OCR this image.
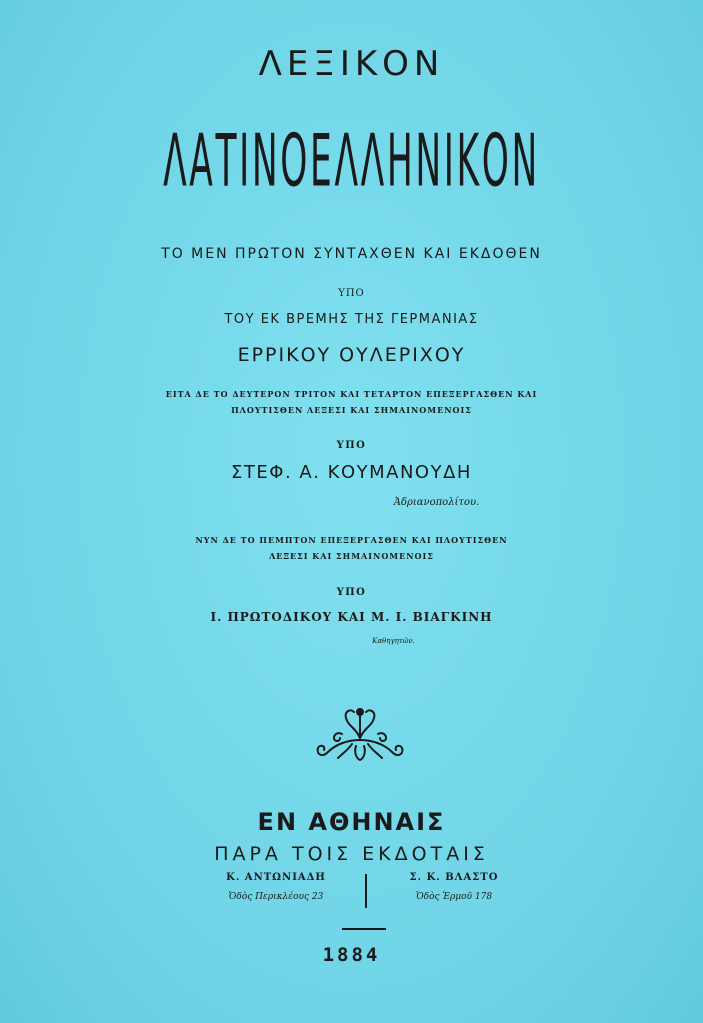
ΛΕΞΙΚΟΝ
ΛΑΤΙΝΟΕΛΛΗΝΙΚΟΝ
ΤΟ ΜΕΝ ΠΡΩΤΟΝ ΣΥΝΤΑΧΘΕΝ ΚΑΙ ΕΚΔΟΘΕΝ
ΥΠΟ
ΤΟΥ ΕΚ ΒΡΕΜΗΣ ΤΗΣ ΓΕΡΜΑΝΙΑΣ
ΕΡΡΙΚΟΥ ΟΥΛΕΡΙΧΟΥ
ΕΙΤΑ ΔΕ ΤΟ ΔΕΥΤΕΡΟΝ ΤΡΙΤΟΝ ΚΑΙ ΤΕΤΑΡΤΟΝ ΕΠΕΞΕΡΓΑΣΘΕΝ ΚΑΙ
ΠΛΟΥΤΙΣΘΕΝ ΛΕΞΕΣΙ ΚΑΙ ΣΗΜΑΙΝΟΜΕΝΟΙΣ
ΥΠΟ
ΣΤΕΦ. Α. ΚΟΥΜΑΝΟΥΔΗ
Ἀδριανοπολίτου.
ΝΥΝ ΔΕ ΤΟ ΠΕΜΠΤΟΝ ΕΠΕΞΕΡΓΑΣΘΕΝ ΚΑΙ ΠΛΟΥΤΙΣΘΕΝ
ΛΕΞΕΣΙ ΚΑΙ ΣΗΜΑΙΝΟΜΕΝΟΙΣ
ΥΠΟ
Ι. ΠΡΩΤΟΔΙΚΟΥ ΚΑΙ Μ. Ι. ΒΙΑΓΚΙΝΗ
Καθηγητῶν.
ΕΝ ΑΘΗΝΑΙΣ
ΠΑΡΑ ΤΟΙΣ ΕΚΔΟΤΑΙΣ
Κ. ΑΝΤΩΝΙΑΔΗ
Ὁδὸς Περικλέους 23
Σ. Κ. ΒΛΑΣΤΟ
Ὁδὸς Ἑρμοῦ 178
1884
